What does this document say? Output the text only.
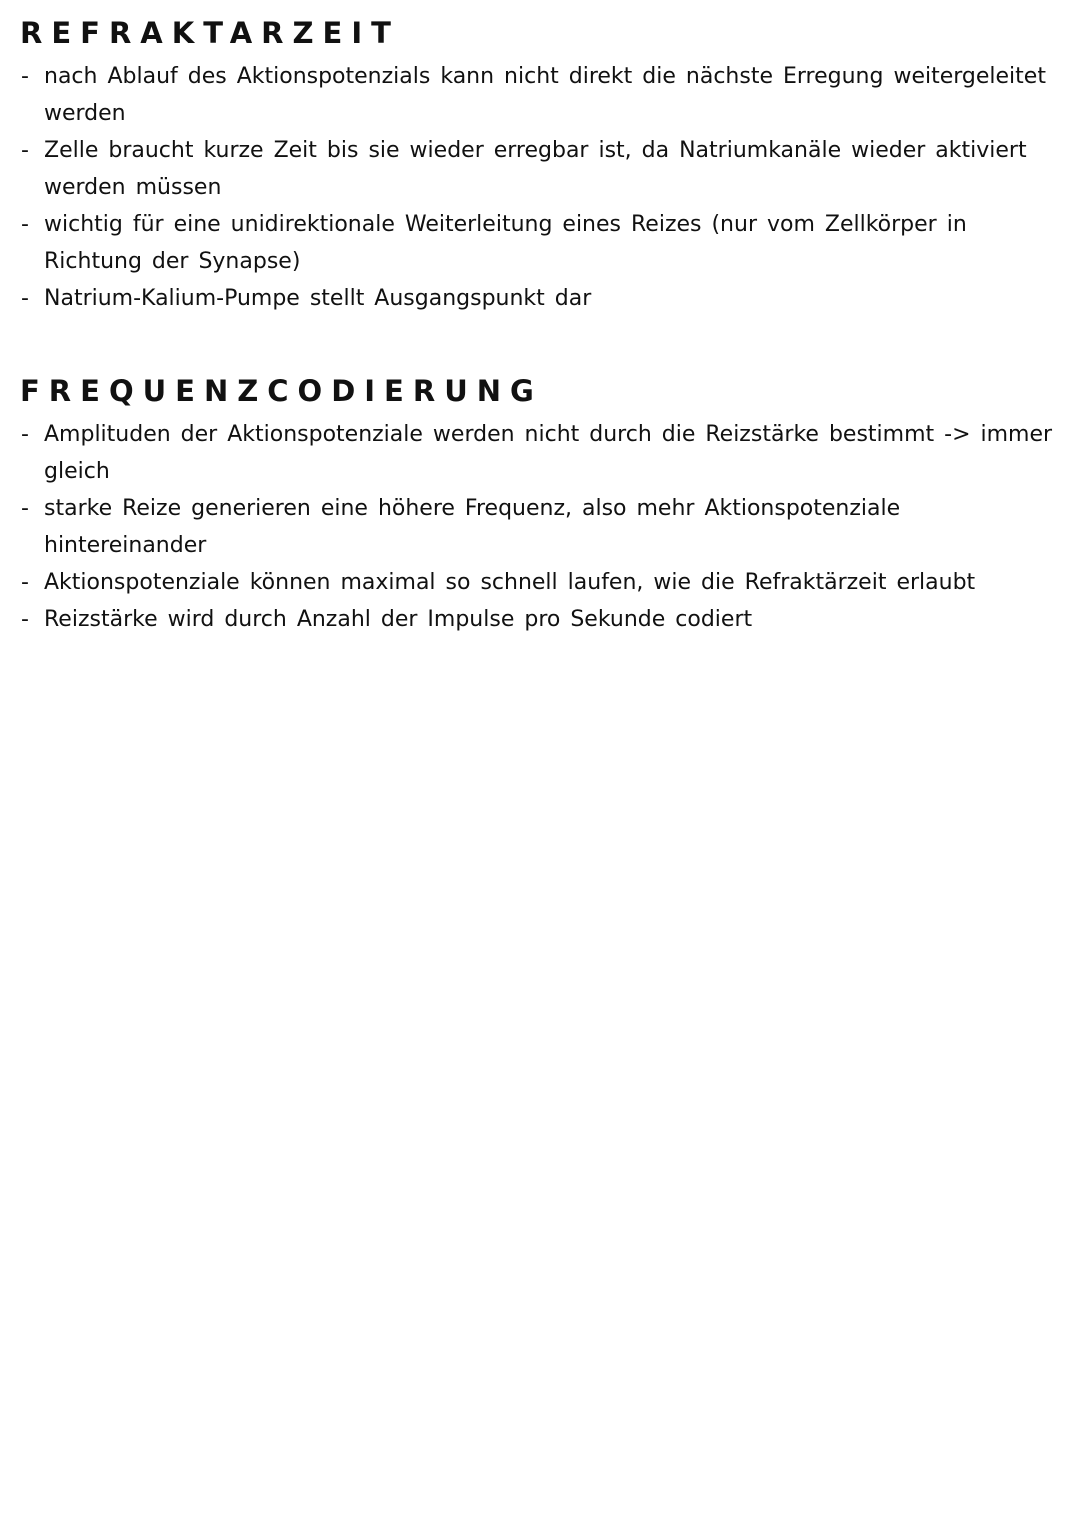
REFRAKTARZEIT
- nach Ablauf des Aktionspotenzials kann nicht direkt die nächste Erregung weitergeleitet werden
- Zelle braucht kurze Zeit bis sie wieder erregbar ist, da Natriumkanäle wieder aktiviert werden müssen
- wichtig für eine unidirektionale Weiterleitung eines Reizes (nur vom Zellkörper in Richtung der Synapse)
- Natrium-Kalium-Pumpe stellt Ausgangspunkt dar
FREQUENZCODIERUNG
- Amplituden der Aktionspotenziale werden nicht durch die Reizstärke bestimmt -> immer gleich
- starke Reize generieren eine höhere Frequenz, also mehr Aktionspotenziale hintereinander
- Aktionspotenziale können maximal so schnell laufen, wie die Refraktärzeit erlaubt
- Reizstärke wird durch Anzahl der Impulse pro Sekunde codiert
